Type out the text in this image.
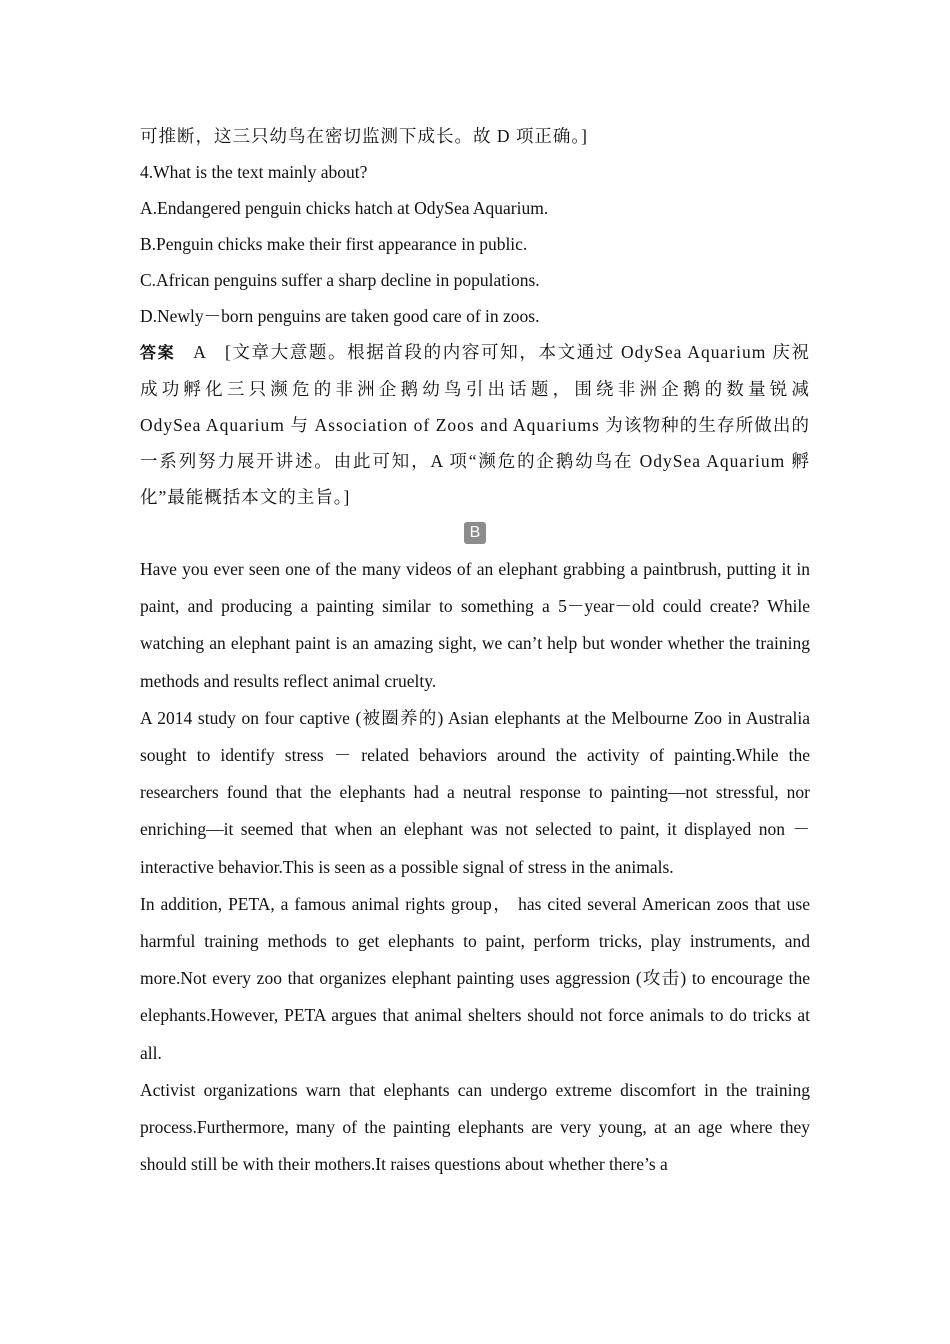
可推断，这三只幼鸟在密切监测下成长。故 D 项正确。]

4.What is the text mainly about?

A.Endangered penguin chicks hatch at OdySea Aquarium.

B.Penguin chicks make their first appearance in public.

C.African penguins suffer a sharp decline in populations.

D.Newly－born penguins are taken good care of in zoos.

答案 A [文章大意题。根据首段的内容可知，本文通过 OdySea Aquarium 庆祝

成功孵化三只濒危的非洲企鹅幼鸟引出话题，围绕非洲企鹅的数量锐减

OdySea Aquarium 与 Association of Zoos and Aquariums 为该物种的生存所做出的

一系列努力展开讲述。由此可知，A 项“濒危的企鹅幼鸟在 OdySea Aquarium 孵

化”最能概括本文的主旨。]

B

Have you ever seen one of the many videos of an elephant grabbing a paintbrush, putting it in paint, and producing a painting similar to something a 5－year－old could create? While watching an elephant paint is an amazing sight, we can’t help but wonder whether the training methods and results reflect animal cruelty.

A 2014 study on four captive (被圈养的) Asian elephants at the Melbourne Zoo in Australia sought to identify stress － related behaviors around the activity of painting.While the researchers found that the elephants had a neutral response to painting—not stressful, nor enriching—it seemed that when an elephant was not selected to paint, it displayed non － interactive behavior.This is seen as a possible signal of stress in the animals.

In addition, PETA, a famous animal rights group， has cited several American zoos that use harmful training methods to get elephants to paint, perform tricks, play instruments, and more.Not every zoo that organizes elephant painting uses aggression (攻击) to encourage the elephants.However, PETA argues that animal shelters should not force animals to do tricks at all.

Activist organizations warn that elephants can undergo extreme discomfort in the training process.Furthermore, many of the painting elephants are very young, at an age where they should still be with their mothers.It raises questions about whether there’s a
